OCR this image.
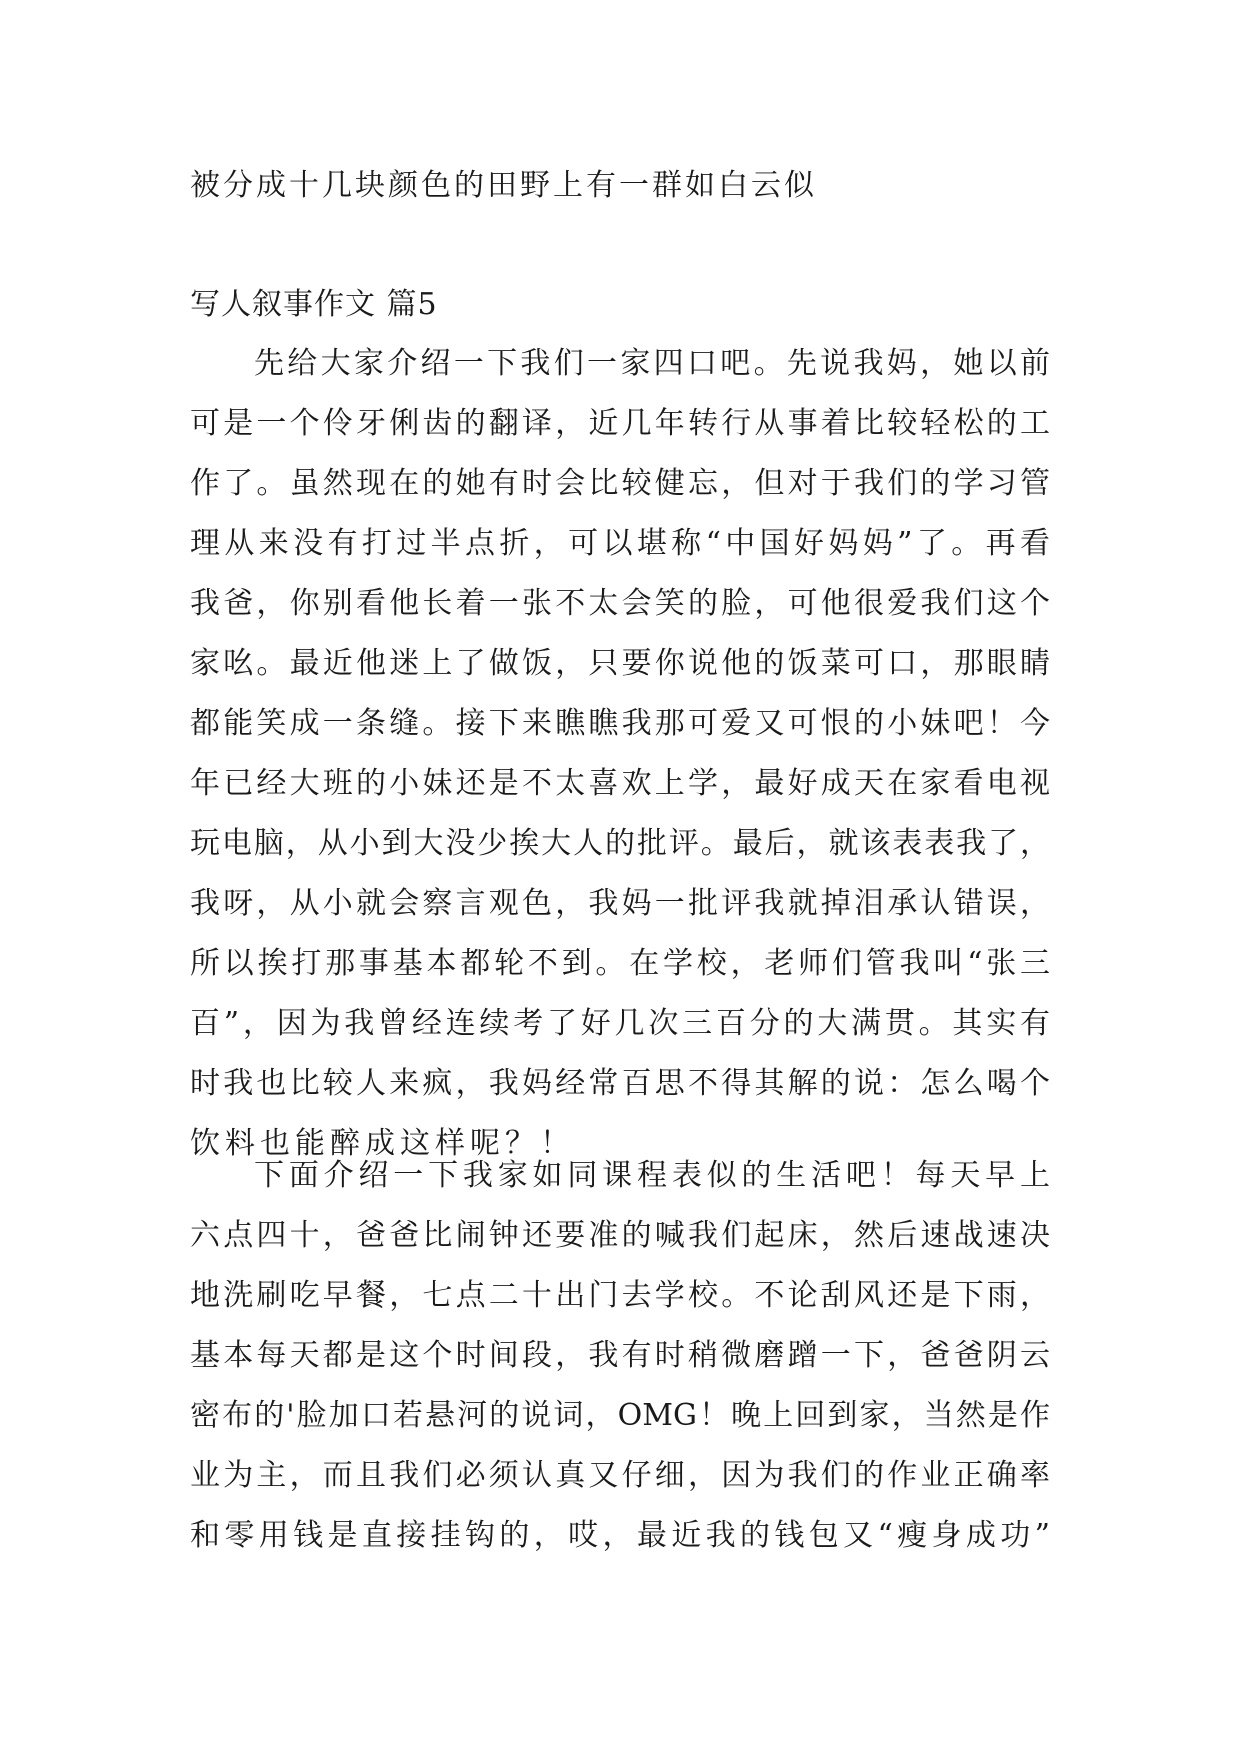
被分成十几块颜色的田野上有一群如白云似
写人叙事作文 篇5
先给大家介绍一下我们一家四口吧。先说我妈，她以前
可是一个伶牙俐齿的翻译，近几年转行从事着比较轻松的工
作了。虽然现在的她有时会比较健忘，但对于我们的学习管
理从来没有打过半点折，可以堪称“中国好妈妈”了。再看
我爸，你别看他长着一张不太会笑的脸，可他很爱我们这个
家吆。最近他迷上了做饭，只要你说他的饭菜可口，那眼睛
都能笑成一条缝。接下来瞧瞧我那可爱又可恨的小妹吧！今
年已经大班的小妹还是不太喜欢上学，最好成天在家看电视
玩电脑，从小到大没少挨大人的批评。最后，就该表表我了，
我呀，从小就会察言观色，我妈一批评我就掉泪承认错误，
所以挨打那事基本都轮不到。在学校，老师们管我叫“张三
百”，因为我曾经连续考了好几次三百分的大满贯。其实有
时我也比较人来疯，我妈经常百思不得其解的说：怎么喝个
饮料也能醉成这样呢？！
下面介绍一下我家如同课程表似的生活吧！每天早上
六点四十，爸爸比闹钟还要准的喊我们起床，然后速战速决
地洗刷吃早餐，七点二十出门去学校。不论刮风还是下雨，
基本每天都是这个时间段，我有时稍微磨蹭一下，爸爸阴云
密布的'脸加口若悬河的说词，OMG！晚上回到家，当然是作
业为主，而且我们必须认真又仔细，因为我们的作业正确率
和零用钱是直接挂钩的，哎，最近我的钱包又“瘦身成功”
